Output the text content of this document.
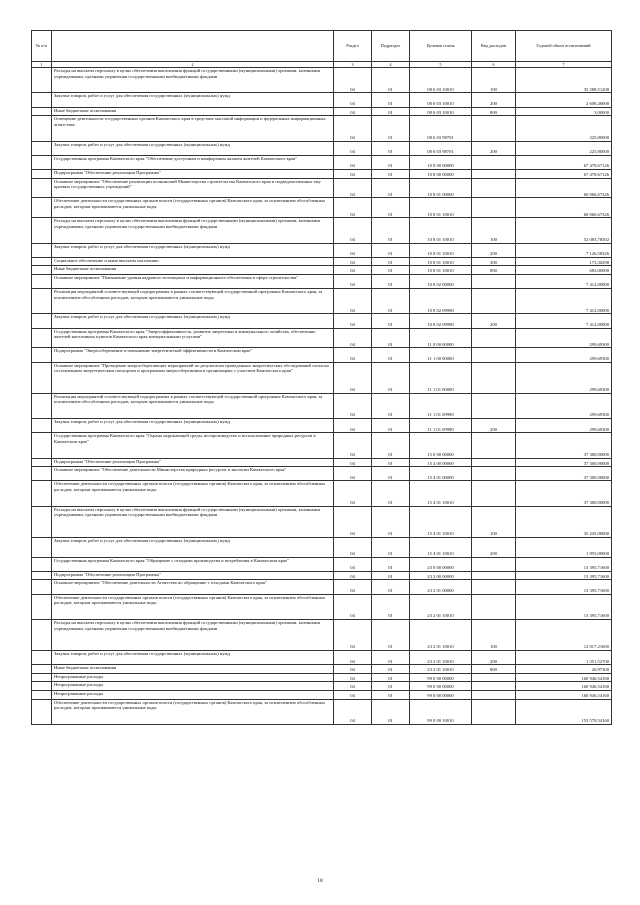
№ п/п		Раздел	Подраздел	Целевая статья	Вид расходов	Годовой объем ассигнований
1	2	3	4	5	6	7
	Расходы на выплаты персоналу в целях обеспечения выполнения функций государственными (муниципальными) органами, казенными учреждениями, органами управления государственными внебюджетными фондами	04	01	08 6 03 10010	100	35 588,51208
	Закупка товаров, работ и услуг для обеспечения государственных (муниципальных) нужд	04	01	08 6 03 10010	200	2 608,40000
	Иные бюджетные ассигнования	04	01	08 6 03 10010	800	3,00000
	Освещение деятельности государственных органов Камчатского края в средствах массовой информации и федеральных информационных агентствах	04	01	08 6 03 98701		225,80000
	Закупка товаров, работ и услуг для обеспечения государственных (муниципальных) нужд	04	01	08 6 03 98701	200	225,80000
	Государственная программа Камчатского края "Обеспечение доступным и комфортным жильем жителей Камчатского края"	04	01	10 0 00 00000		67 478,67126
	Подпрограмма "Обеспечение реализации Программы"	04	01	10 8 00 00000		67 478,67126
	Основное мероприятие "Обеспечение реализации полномочий Министерства строительства Камчатского края и подведомственных ему краевых государственных учреждений"	04	01	10 8 01 00000		60 066,67326
	Обеспечение деятельности государственных органов власти (государственных органов) Камчатского края, за исключением обособленных расходов, которым присваиваются уникальные коды	04	01	10 8 01 10010		60 066,67326
	Расходы на выплаты персоналу в целях обеспечения выполнения функций государственными (муниципальными) органами, казенными учреждениями, органами управления государственными внебюджетными фондами	04	01	10 8 01 10010	100	52 083,78502
	Закупка товаров, работ и услуг для обеспечения государственных (муниципальных) нужд	04	01	10 8 01 10010	200	7 126,58326
	Социальное обеспечение и иные выплаты населению	04	01	10 8 01 10010	300	173,30298
	Иные бюджетные ассигнования	04	01	10 8 01 10010	800	683,00000
	Основное мероприятие "Повышение уровня кадрового потенциала и информационного обеспечения в сфере строительства"	04	01	10 8 02 00000		7 412,00000
	Реализация мероприятий соответствующей подпрограммы в рамках соответствующей государственной программы Камчатского края, за исключением обособленных расходов, которым присваиваются уникальные коды	04	01	10 8 02 09990		7 412,00000
	Закупка товаров, работ и услуг для обеспечения государственных (муниципальных) нужд	04	01	10 8 02 09990	200	7 412,00000
	Государственная программа Камчатского края "Энергоэффективность, развитие энергетики и коммунального хозяйства, обеспечение жителей населенных пунктов Камчатского края коммунальными услугами"	04	01	11 0 00 00000		299,69300
	Подпрограмма "Энергосбережение и повышение энергетической эффективности в Камчатском крае"	04	01	11 1 00 00000		299,69300
	Основное мероприятие "Проведение энергосберегающих мероприятий по результатам проведенных энергетических обследований согласно составленным энергетическим паспортам и программам энергосбережения в организациях с участием Камчатского края"	04	01	11 1 01 00000		299,69300
	Реализация мероприятий соответствующей подпрограммы в рамках соответствующей государственной программы Камчатского края, за исключением обособленных расходов, которым присваиваются уникальные коды	04	01	11 1 01 09990		299,69300
	Закупка товаров, работ и услуг для обеспечения государственных (муниципальных) нужд	04	01	11 1 01 09990	200	299,69300
	Государственная программа Камчатского края "Охрана окружающей среды, воспроизводство и использование природных ресурсов в Камчатском крае"	04	01	15 0 00 00000		37 300,00000
	Подпрограмма "Обеспечение реализации Программы"	04	01	15 4 00 00000		37 300,00000
	Основное мероприятие "Обеспечение деятельности Министерства природных ресурсов и экологии Камчатского края"	04	01	15 4 01 00000		37 300,00000
	Обеспечение деятельности государственных органов власти (государственных органов) Камчатского края, за исключением обособленных расходов, которым присваиваются уникальные коды	04	01	15 4 01 10010		37 300,00000
	Расходы на выплаты персоналу в целях обеспечения выполнения функций государственными (муниципальными) органами, казенными учреждениями, органами управления государственными внебюджетными фондами	04	01	15 4 01 10010	100	35 245,00000
	Закупка товаров, работ и услуг для обеспечения государственных (муниципальных) нужд	04	01	15 4 01 10010	200	1 855,00000
	Государственная программа Камчатского края "Обращение с отходами производства и потребления в Камчатском крае"	04	01	23 0 00 00000		13 395,71600
	Подпрограмма "Обеспечение реализации Программы"	04	01	23 2 00 00000		13 395,71600
	Основное мероприятие "Обеспечение деятельности Агентства по обращению с отходами Камчатского края"	04	01	23 2 01 00000		13 395,71600
	Обеспечение деятельности государственных органов власти (государственных органов) Камчатского края, за исключением обособленных расходов, которым присваиваются уникальные коды	04	01	23 2 01 10010		13 395,71600
	Расходы на выплаты персоналу в целях обеспечения выполнения функций государственными (муниципальными) органами, казенными учреждениями, органами управления государственными внебюджетными фондами	04	01	23 2 01 10010	100	12 017,21600
	Закупка товаров, работ и услуг для обеспечения государственных (муниципальных) нужд	04	01	23 2 01 10010	200	1 351,52700
	Иные бюджетные ассигнования	04	01	23 2 01 10010	800	26,97300
	Непрограммные расходы	04	01	99 0 00 00000		160 946,54160
	Непрограммные расходы	04	01	99 0 00 00000		160 946,54160
	Непрограммные расходы	04	01	99 0 00 00000		160 946,54160
	Обеспечение деятельности государственных органов власти (государственных органов) Камчатского края, за исключением обособленных расходов, которым присваиваются уникальные коды	04	01	99 0 00 10010		153 578,54160
18
